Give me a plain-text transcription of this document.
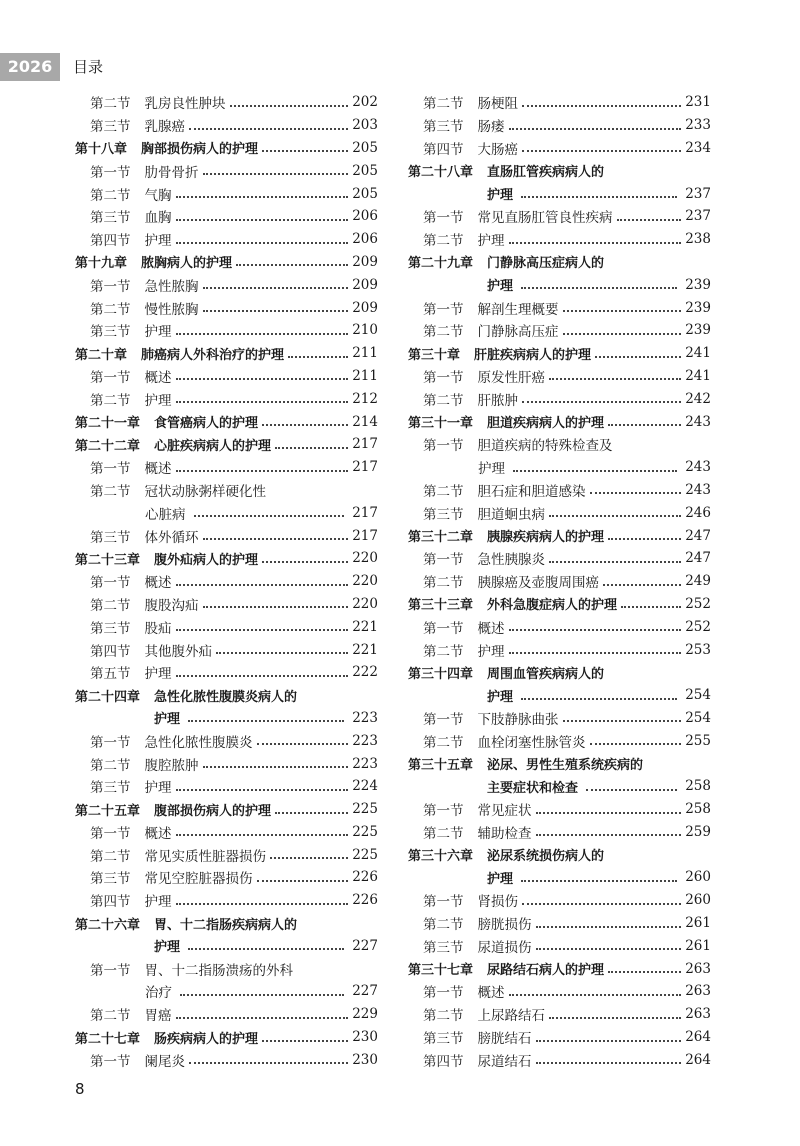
2026	目录
第二节 乳房良性肿块	202
第三节 乳腺癌	203
第十八章 胸部损伤病人的护理	205
第一节 肋骨骨折	205
第二节 气胸	205
第三节 血胸	206
第四节 护理	206
第十九章 脓胸病人的护理	209
第一节 急性脓胸	209
第二节 慢性脓胸	209
第三节 护理	210
第二十章 肺癌病人外科治疗的护理	211
第一节 概述	211
第二节 护理	212
第二十一章 食管癌病人的护理	214
第二十二章 心脏疾病病人的护理	217
第一节 概述	217
第二节 冠状动脉粥样硬化性
心脏病	217
第三节 体外循环	217
第二十三章 腹外疝病人的护理	220
第一节 概述	220
第二节 腹股沟疝	220
第三节 股疝	221
第四节 其他腹外疝	221
第五节 护理	222
第二十四章 急性化脓性腹膜炎病人的
护理	223
第一节 急性化脓性腹膜炎	223
第二节 腹腔脓肿	223
第三节 护理	224
第二十五章 腹部损伤病人的护理	225
第一节 概述	225
第二节 常见实质性脏器损伤	225
第三节 常见空腔脏器损伤	226
第四节 护理	226
第二十六章 胃、十二指肠疾病病人的
护理	227
第一节 胃、十二指肠溃疡的外科
治疗	227
第二节 胃癌	229
第二十七章 肠疾病病人的护理	230
第一节 阑尾炎	230
第二节 肠梗阻	231
第三节 肠瘘	233
第四节 大肠癌	234
第二十八章 直肠肛管疾病病人的
护理	237
第一节 常见直肠肛管良性疾病	237
第二节 护理	238
第二十九章 门静脉高压症病人的
护理	239
第一节 解剖生理概要	239
第二节 门静脉高压症	239
第三十章 肝脏疾病病人的护理	241
第一节 原发性肝癌	241
第二节 肝脓肿	242
第三十一章 胆道疾病病人的护理	243
第一节 胆道疾病的特殊检查及
护理	243
第二节 胆石症和胆道感染	243
第三节 胆道蛔虫病	246
第三十二章 胰腺疾病病人的护理	247
第一节 急性胰腺炎	247
第二节 胰腺癌及壶腹周围癌	249
第三十三章 外科急腹症病人的护理	252
第一节 概述	252
第二节 护理	253
第三十四章 周围血管疾病病人的
护理	254
第一节 下肢静脉曲张	254
第二节 血栓闭塞性脉管炎	255
第三十五章 泌尿、男性生殖系统疾病的
主要症状和检查	258
第一节 常见症状	258
第二节 辅助检查	259
第三十六章 泌尿系统损伤病人的
护理	260
第一节 肾损伤	260
第二节 膀胱损伤	261
第三节 尿道损伤	261
第三十七章 尿路结石病人的护理	263
第一节 概述	263
第二节 上尿路结石	263
第三节 膀胱结石	264
第四节 尿道结石	264
8
